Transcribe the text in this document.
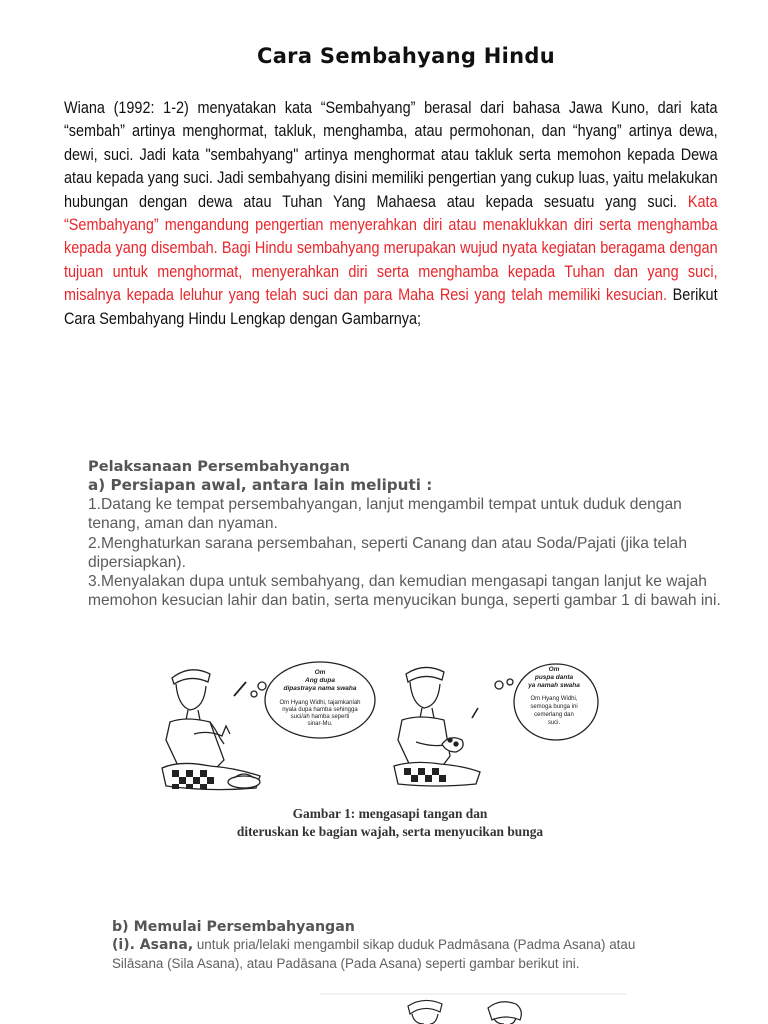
Cara Sembahyang Hindu
Wiana (1992: 1-2) menyatakan kata “Sembahyang” berasal dari bahasa Jawa Kuno, dari kata “sembah” artinya menghormat, takluk, menghamba, atau permohonan, dan “hyang” artinya dewa, dewi, suci. Jadi kata "sembahyang" artinya menghormat atau takluk serta memohon kepada Dewa atau kepada yang suci. Jadi sembahyang disini memiliki pengertian yang cukup luas, yaitu melakukan hubungan dengan dewa atau Tuhan Yang Mahaesa atau kepada sesuatu yang suci. Kata “Sembahyang” mengandung pengertian menyerahkan diri atau menaklukkan diri serta menghamba kepada yang disembah. Bagi Hindu sembahyang merupakan wujud nyata kegiatan beragama dengan tujuan untuk menghormat, menyerahkan diri serta menghamba kepada Tuhan dan yang suci, misalnya kepada leluhur yang telah suci dan para Maha Resi yang telah memiliki kesucian. Berikut Cara Sembahyang Hindu Lengkap dengan Gambarnya;
Pelaksanaan Persembahyangan
a) Persiapan awal, antara lain meliputi :

1.Datang ke tempat persembahyangan, lanjut mengambil tempat untuk duduk dengan tenang, aman dan nyaman.

2.Menghaturkan sarana persembahan, seperti Canang dan atau Soda/Pajati (jika telah dipersiapkan).

3.Menyalakan dupa untuk sembahyang, dan kemudian mengasapi tangan lanjut ke wajah memohon kesucian lahir dan batin, serta menyucikan bunga, seperti gambar 1 di bawah ini.

Om
Ang dupa
dipastraya nama swaha
Om Hyang Widhi, tajamkanlah
nyala dupa hamba sehingga
suci/ah hamba seperti
sinar-Mu.
Om
puspa danta
ya namah swaha
Om Hyang Widhi,
semoga bunga ini
cemerlang dan
suci.
Gambar 1: mengasapi tangan dan
diteruskan ke bagian wajah, serta menyucikan bunga
b) Memulai Persembahyangan
(i). Asana, untuk pria/lelaki mengambil sikap duduk Padmāsana (Padma Asana) atau Silāsana (Sila Asana), atau Padāsana (Pada Asana) seperti gambar berikut ini.
